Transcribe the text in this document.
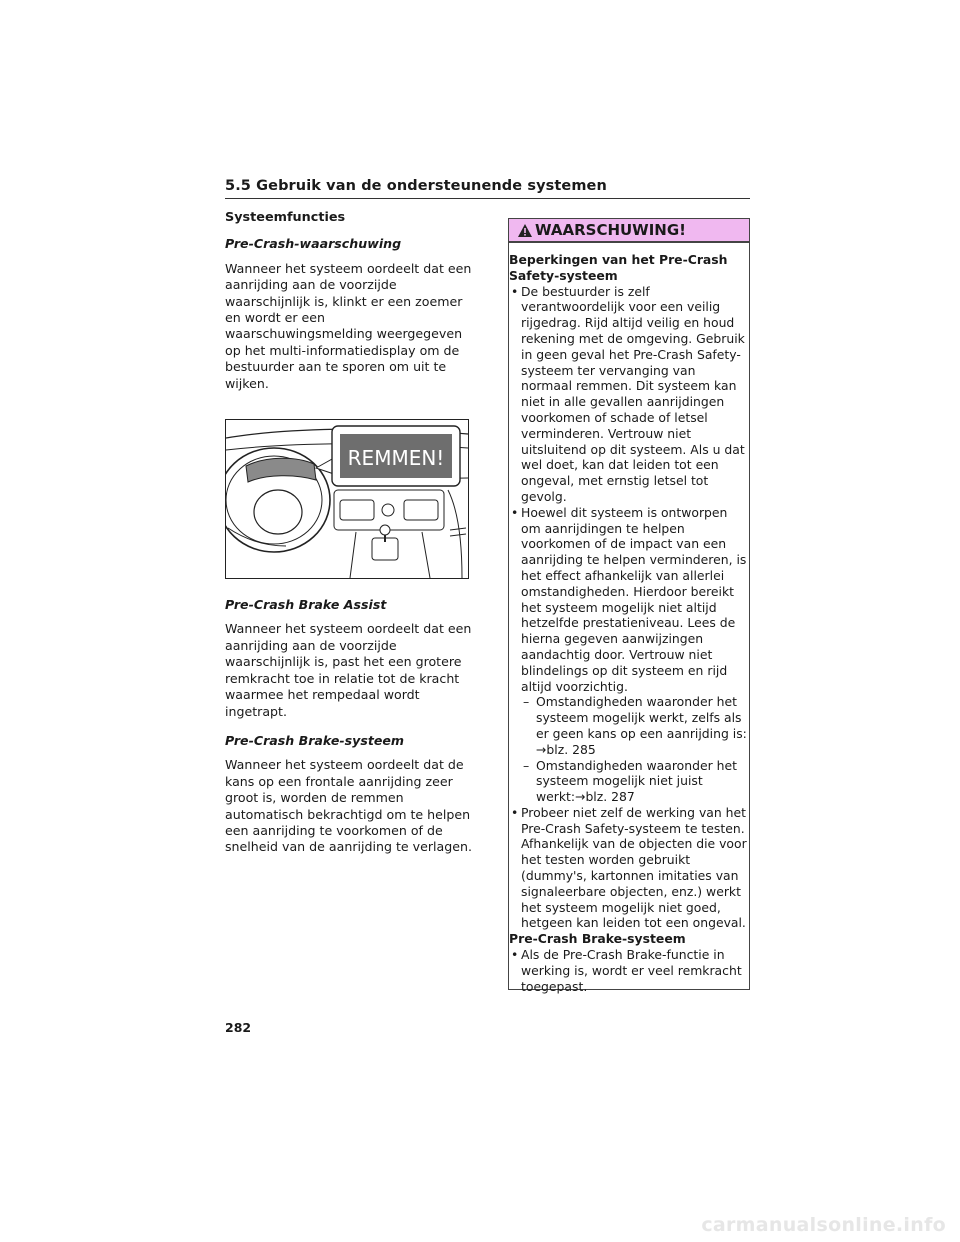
5.5 Gebruik van de ondersteunende systemen
Systeemfuncties
Pre-Crash-waarschuwing

Wanneer het systeem oordeelt dat een aanrijding aan de voorzijde waarschijnlijk is, klinkt er een zoemer en wordt er een waarschuwingsmelding weergegeven op het multi-informatiedisplay om de bestuurder aan te sporen om uit te wijken.

REMMEN!
Pre-Crash Brake Assist

Wanneer het systeem oordeelt dat een aanrijding aan de voorzijde waarschijnlijk is, past het een grotere remkracht toe in relatie tot de kracht waarmee het rempedaal wordt ingetrapt.

Pre-Crash Brake-systeem

Wanneer het systeem oordeelt dat de kans op een frontale aanrijding zeer groot is, worden de remmen automatisch bekrachtigd om te helpen een aanrijding te voorkomen of de snelheid van de aanrijding te verlagen.

WAARSCHUWING!

Beperkingen van het Pre-Crash Safety-systeem

• De bestuurder is zelf verantwoordelijk voor een veilig rijgedrag. Rijd altijd veilig en houd rekening met de omgeving. Gebruik in geen geval het Pre-Crash Safety-systeem ter vervanging van normaal remmen. Dit systeem kan niet in alle gevallen aanrijdingen voorkomen of schade of letsel verminderen. Vertrouw niet uitsluitend op dit systeem. Als u dat wel doet, kan dat leiden tot een ongeval, met ernstig letsel tot gevolg.

• Hoewel dit systeem is ontworpen om aanrijdingen te helpen voorkomen of de impact van een aanrijding te helpen verminderen, is het effect afhankelijk van allerlei omstandigheden. Hierdoor bereikt het systeem mogelijk niet altijd hetzelfde prestatieniveau. Lees de hierna gegeven aanwijzingen aandachtig door. Vertrouw niet blindelings op dit systeem en rijd altijd voorzichtig.

– Omstandigheden waaronder het systeem mogelijk werkt, zelfs als er geen kans op een aanrijding is:
→blz. 285

– Omstandigheden waaronder het systeem mogelijk niet juist werkt:→blz. 287

• Probeer niet zelf de werking van het Pre-Crash Safety-systeem te testen. Afhankelijk van de objecten die voor het testen worden gebruikt (dummy's, kartonnen imitaties van signaleerbare objecten, enz.) werkt het systeem mogelijk niet goed, hetgeen kan leiden tot een ongeval.

Pre-Crash Brake-systeem

• Als de Pre-Crash Brake-functie in werking is, wordt er veel remkracht toegepast.

282
carmanualsonline.info
